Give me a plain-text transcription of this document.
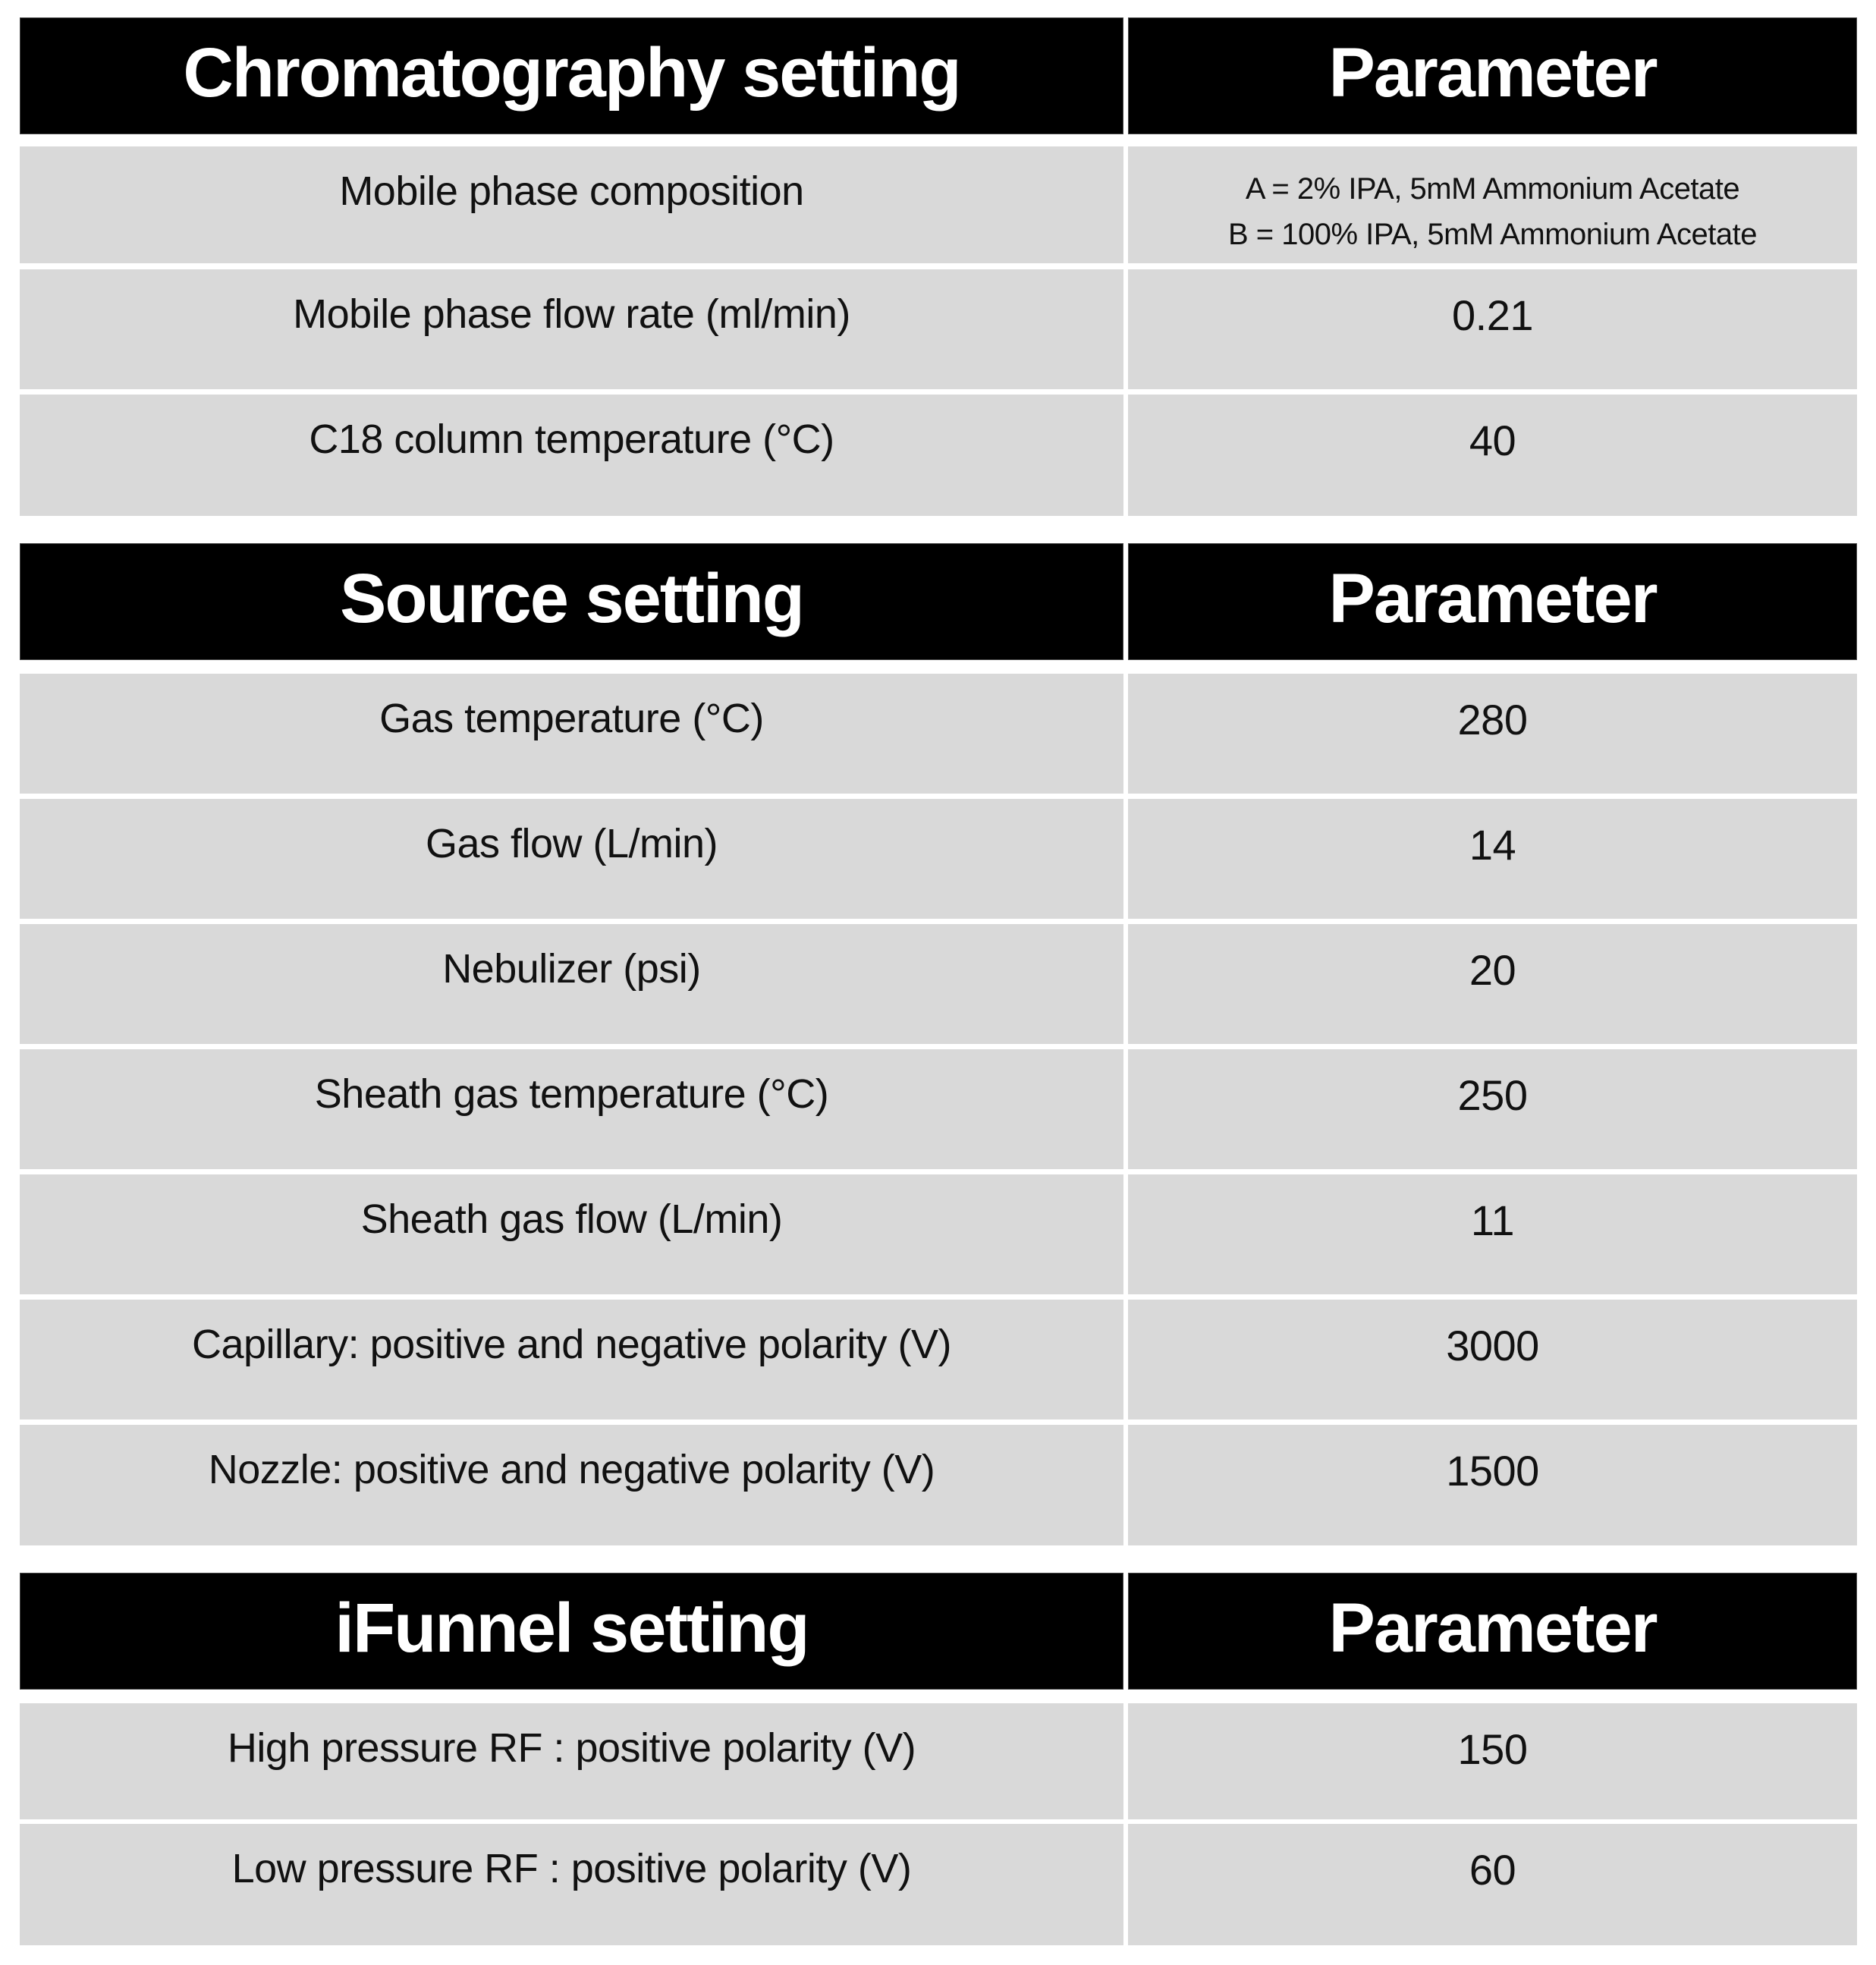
Chromatography setting	Parameter
Mobile phase composition	A = 2% IPA, 5mM Ammonium Acetate
B = 100% IPA, 5mM Ammonium Acetate
Mobile phase flow rate (ml/min)	0.21
C18 column temperature (°C)	40
Source setting	Parameter
Gas temperature (°C)	280
Gas flow (L/min)	14
Nebulizer (psi)	20
Sheath gas temperature (°C)	250
Sheath gas flow (L/min)	11
Capillary: positive and negative polarity (V)	3000
Nozzle: positive and negative polarity (V)	1500
iFunnel setting	Parameter
High pressure RF : positive polarity (V)	150
Low pressure RF : positive polarity (V)	60
